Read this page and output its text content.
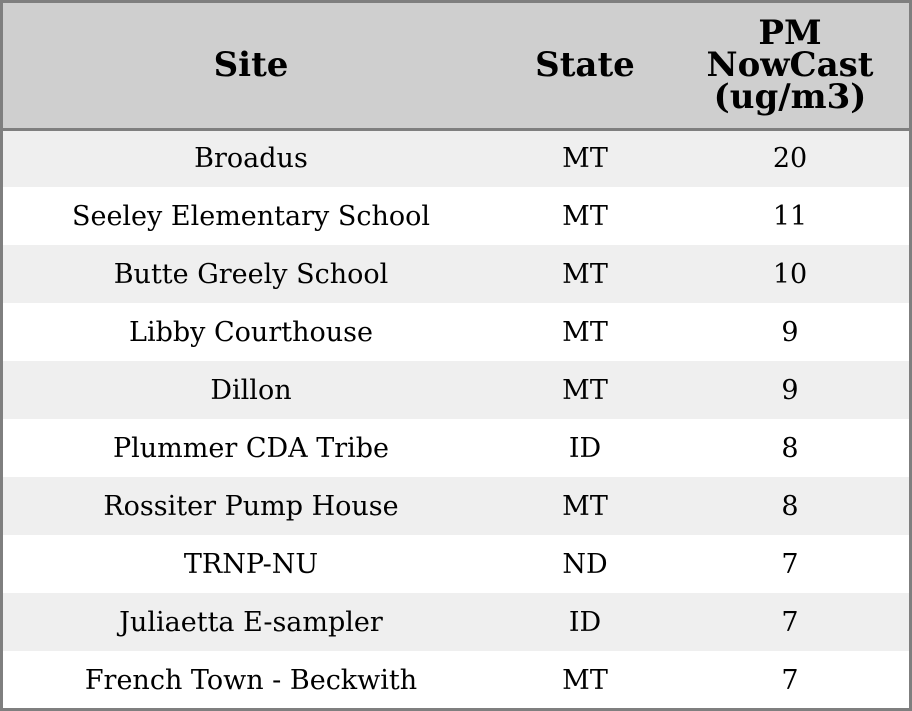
Site	State	PM
NowCast
(ug/m3)

Broadus	MT	20
Seeley Elementary School	MT	11
Butte Greely School	MT	10
Libby Courthouse	MT	9
Dillon	MT	9
Plummer CDA Tribe	ID	8
Rossiter Pump House	MT	8
TRNP-NU	ND	7
Juliaetta E-sampler	ID	7
French Town - Beckwith	MT	7
